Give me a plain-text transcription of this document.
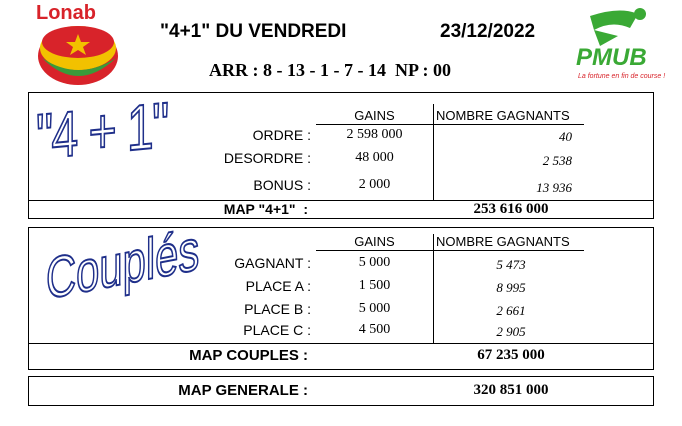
Lonab
"4+1" DU VENDREDI	23/12/2022
ARR : 8 - 13 - 1 - 7 - 14  NP : 00	PMUB
La fortune en fin de course !
"4 + 1"	GAINS	NOMBRE GAGNANTS
ORDRE :	2 598 000	40
DESORDRE :	48 000	2 538
BONUS :	2 000	13 936
MAP "4+1"  :	253 616 000
Couplés	GAINS	NOMBRE GAGNANTS
GAGNANT :	5 000	5 473
PLACE A :	1 500	8 995
PLACE B :	5 000	2 661
PLACE C :	4 500	2 905
MAP COUPLES :	67 235 000
MAP GENERALE :	320 851 000
